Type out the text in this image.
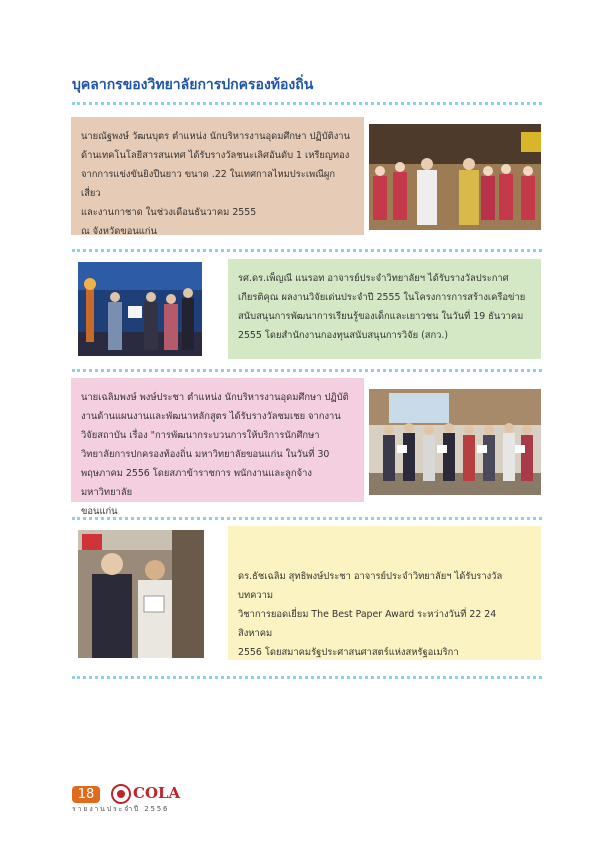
บุคลากรของวิทยาลัยการปกครองท้องถิ่น

นายณัฐพงษ์ วัฒนบุตร ตำแหน่ง นักบริหารงานอุดมศึกษา ปฏิบัติงาน

ด้านเทคโนโลยีสารสนเทศ ได้รับรางวัลชนะเลิศอันดับ 1 เหรียญทอง

จากการแข่งขันยิงปืนยาว ขนาด .22 ในเทศกาลไหมประเพณีผูกเสี่ยว

และงานกาชาด ในช่วงเดือนธันวาคม 2555

ณ จังหวัดขอนแก่น

รศ.ดร.เพ็ญณี แนรอท อาจารย์ประจำวิทยาลัยฯ ได้รับรางวัลประกาศ

เกียรติคุณ ผลงานวิจัยเด่นประจำปี 2555 ในโครงการการสร้างเครือข่าย

สนับสนุนการพัฒนาการเรียนรู้ของเด็กและเยาวชน ในวันที่ 19 ธันวาคม

2555 โดยสำนักงานกองทุนสนับสนุนการวิจัย (สกว.)

นายเฉลิมพงษ์ พงษ์ประชา ตำแหน่ง นักบริหารงานอุดมศึกษา ปฏิบัติ

งานด้านแผนงานและพัฒนาหลักสูตร ได้รับรางวัลชมเชย จากงาน

วิจัยสถาบัน เรื่อง "การพัฒนากระบวนการให้บริการนักศึกษา

วิทยาลัยการปกครองท้องถิ่น มหาวิทยาลัยขอนแก่น ในวันที่ 30

พฤษภาคม 2556 โดยสภาข้าราชการ พนักงานและลูกจ้างมหาวิทยาลัย

ขอนแก่น

ดร.ธัชเฉลิม สุทธิพงษ์ประชา อาจารย์ประจำวิทยาลัยฯ ได้รับรางวัลบทความ

วิชาการยอดเยี่ยม The Best Paper Award ระหว่างวันที่ 22 24 สิงหาคม

2556 โดยสมาคมรัฐประศาสนศาสตร์แห่งสหรัฐอเมริกา

18	COLA
รายงานประจำปี 2556
